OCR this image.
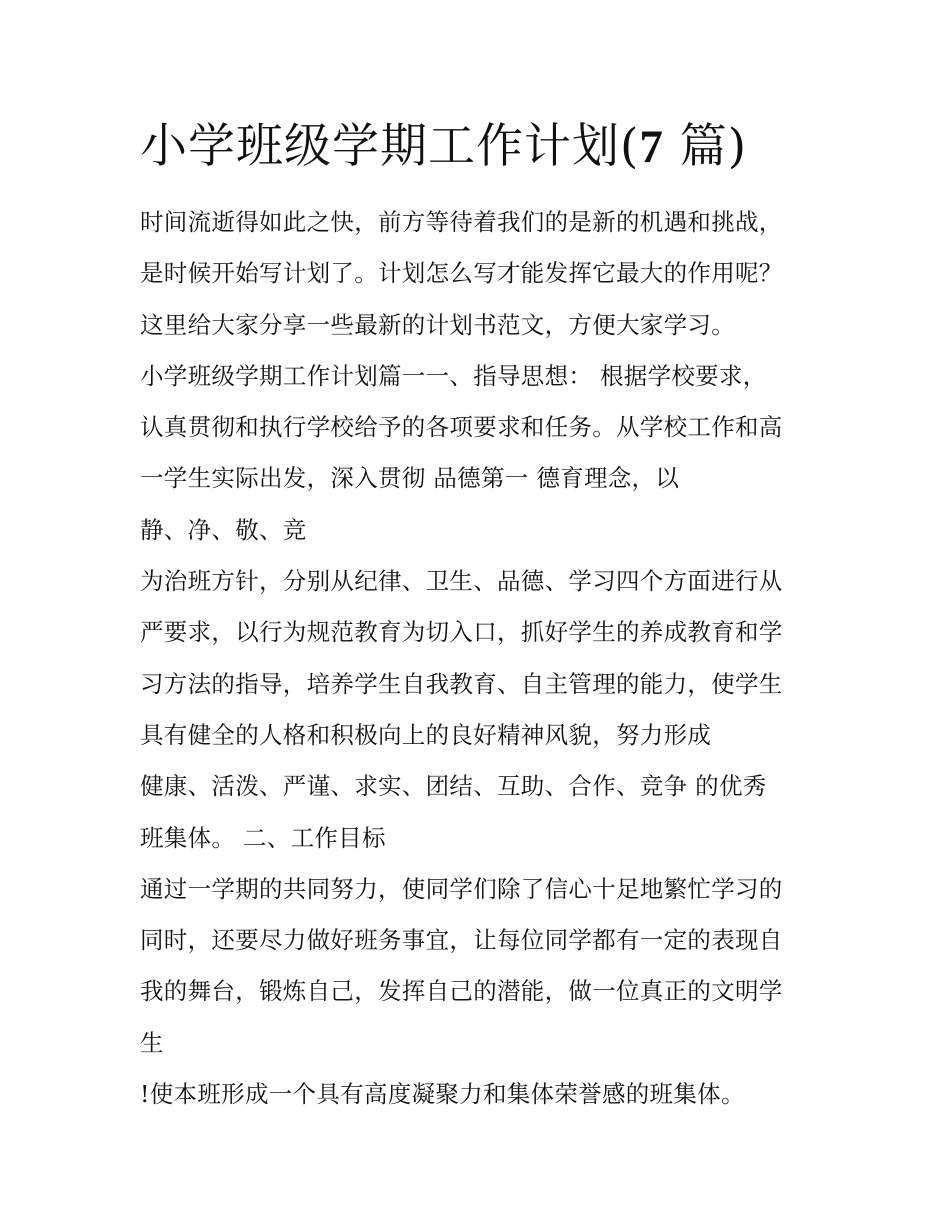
小学班级学期工作计划(7 篇)
时间流逝得如此之快，前方等待着我们的是新的机遇和挑战，
是时候开始写计划了。计划怎么写才能发挥它最大的作用呢？
这里给大家分享一些最新的计划书范文，方便大家学习。
小学班级学期工作计划篇一一、指导思想： 根据学校要求，
认真贯彻和执行学校给予的各项要求和任务。从学校工作和高
一学生实际出发，深入贯彻 品德第一 德育理念，以
静、净、敬、竞
为治班方针，分别从纪律、卫生、品德、学习四个方面进行从
严要求，以行为规范教育为切入口，抓好学生的养成教育和学
习方法的指导，培养学生自我教育、自主管理的能力，使学生
具有健全的人格和积极向上的良好精神风貌，努力形成
健康、活泼、严谨、求实、团结、互助、合作、竞争 的优秀
班集体。 二、工作目标
通过一学期的共同努力，使同学们除了信心十足地繁忙学习的
同时，还要尽力做好班务事宜，让每位同学都有一定的表现自
我的舞台，锻炼自己，发挥自己的潜能，做一位真正的文明学
生
!使本班形成一个具有高度凝聚力和集体荣誉感的班集体。
